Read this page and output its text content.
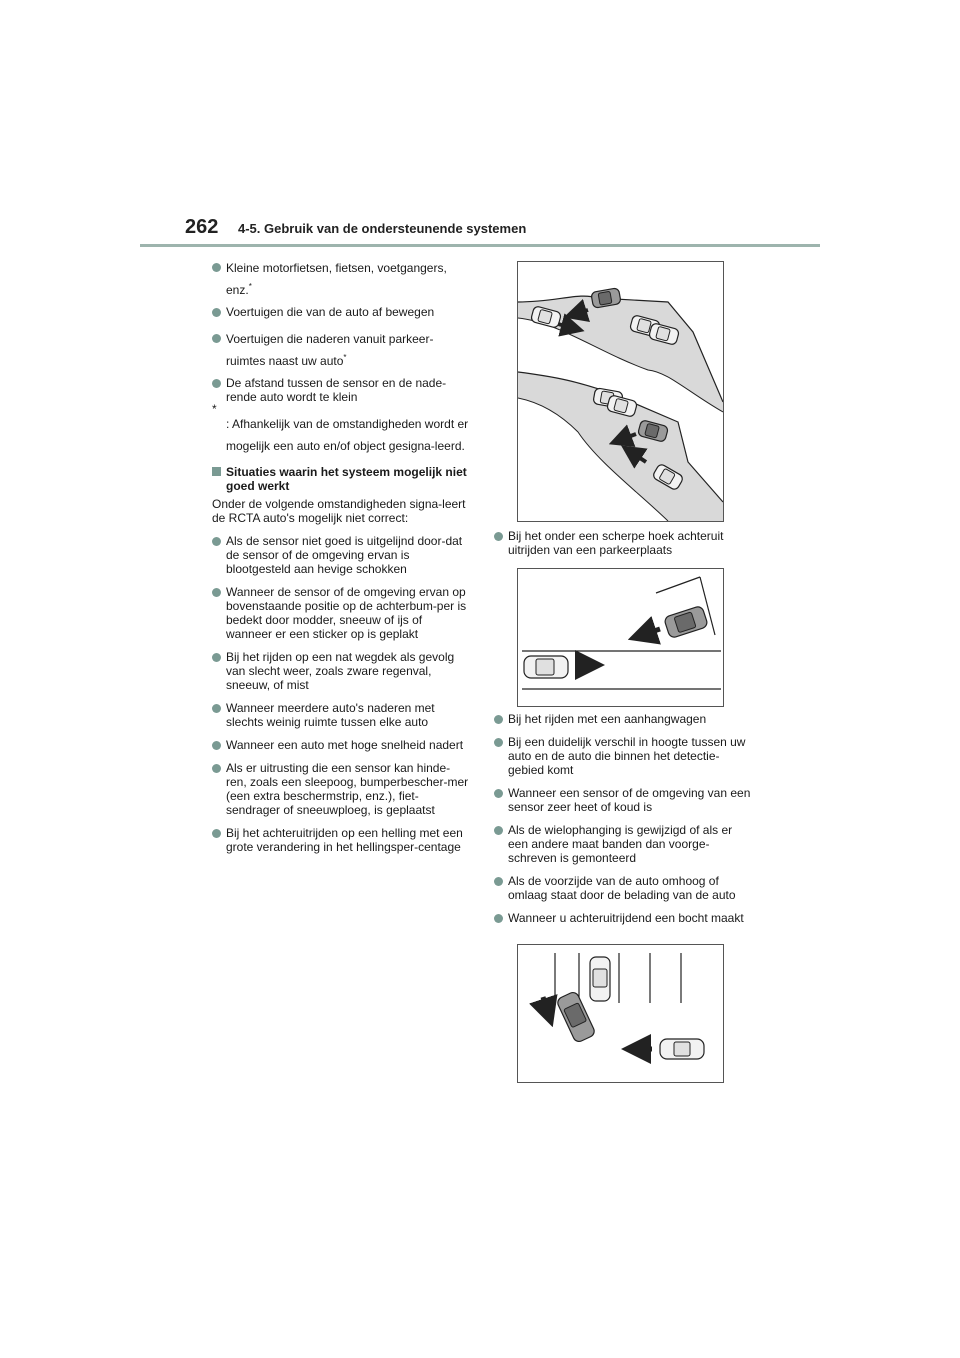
262 4-5. Gebruik van de ondersteunende systemen
Kleine motorfietsen, fietsen, voetgangers, enz.*
Voertuigen die van de auto af bewegen
Voertuigen die naderen vanuit parkeer-ruimtes naast uw auto*
De afstand tussen de sensor en de nade-rende auto wordt te klein
*
: Afhankelijk van de omstandigheden wordt er mogelijk een auto en/of object gesigna-leerd.
Situaties waarin het systeem mogelijk niet goed werkt
Onder de volgende omstandigheden signa-leert de RCTA auto's mogelijk niet correct:
Als de sensor niet goed is uitgelijnd door-dat de sensor of de omgeving ervan is blootgesteld aan hevige schokken
Wanneer de sensor of de omgeving ervan op bovenstaande positie op de achterbum-per is bedekt door modder, sneeuw of ijs of wanneer er een sticker op is geplakt
Bij het rijden op een nat wegdek als gevolg van slecht weer, zoals zware regenval, sneeuw, of mist
Wanneer meerdere auto's naderen met slechts weinig ruimte tussen elke auto
Wanneer een auto met hoge snelheid nadert
Als er uitrusting die een sensor kan hinde-ren, zoals een sleepoog, bumperbescher-mer (een extra beschermstrip, enz.), fiet-sendrager of sneeuwploeg, is geplaatst
Bij het achteruitrijden op een helling met een grote verandering in het hellingsper-centage
Bij het onder een scherpe hoek achteruit uitrijden van een parkeerplaats
Bij het rijden met een aanhangwagen
Bij een duidelijk verschil in hoogte tussen uw auto en de auto die binnen het detectie-gebied komt
Wanneer een sensor of de omgeving van een sensor zeer heet of koud is
Als de wielophanging is gewijzigd of als er een andere maat banden dan voorge-schreven is gemonteerd
Als de voorzijde van de auto omhoog of omlaag staat door de belading van de auto
Wanneer u achteruitrijdend een bocht maakt
